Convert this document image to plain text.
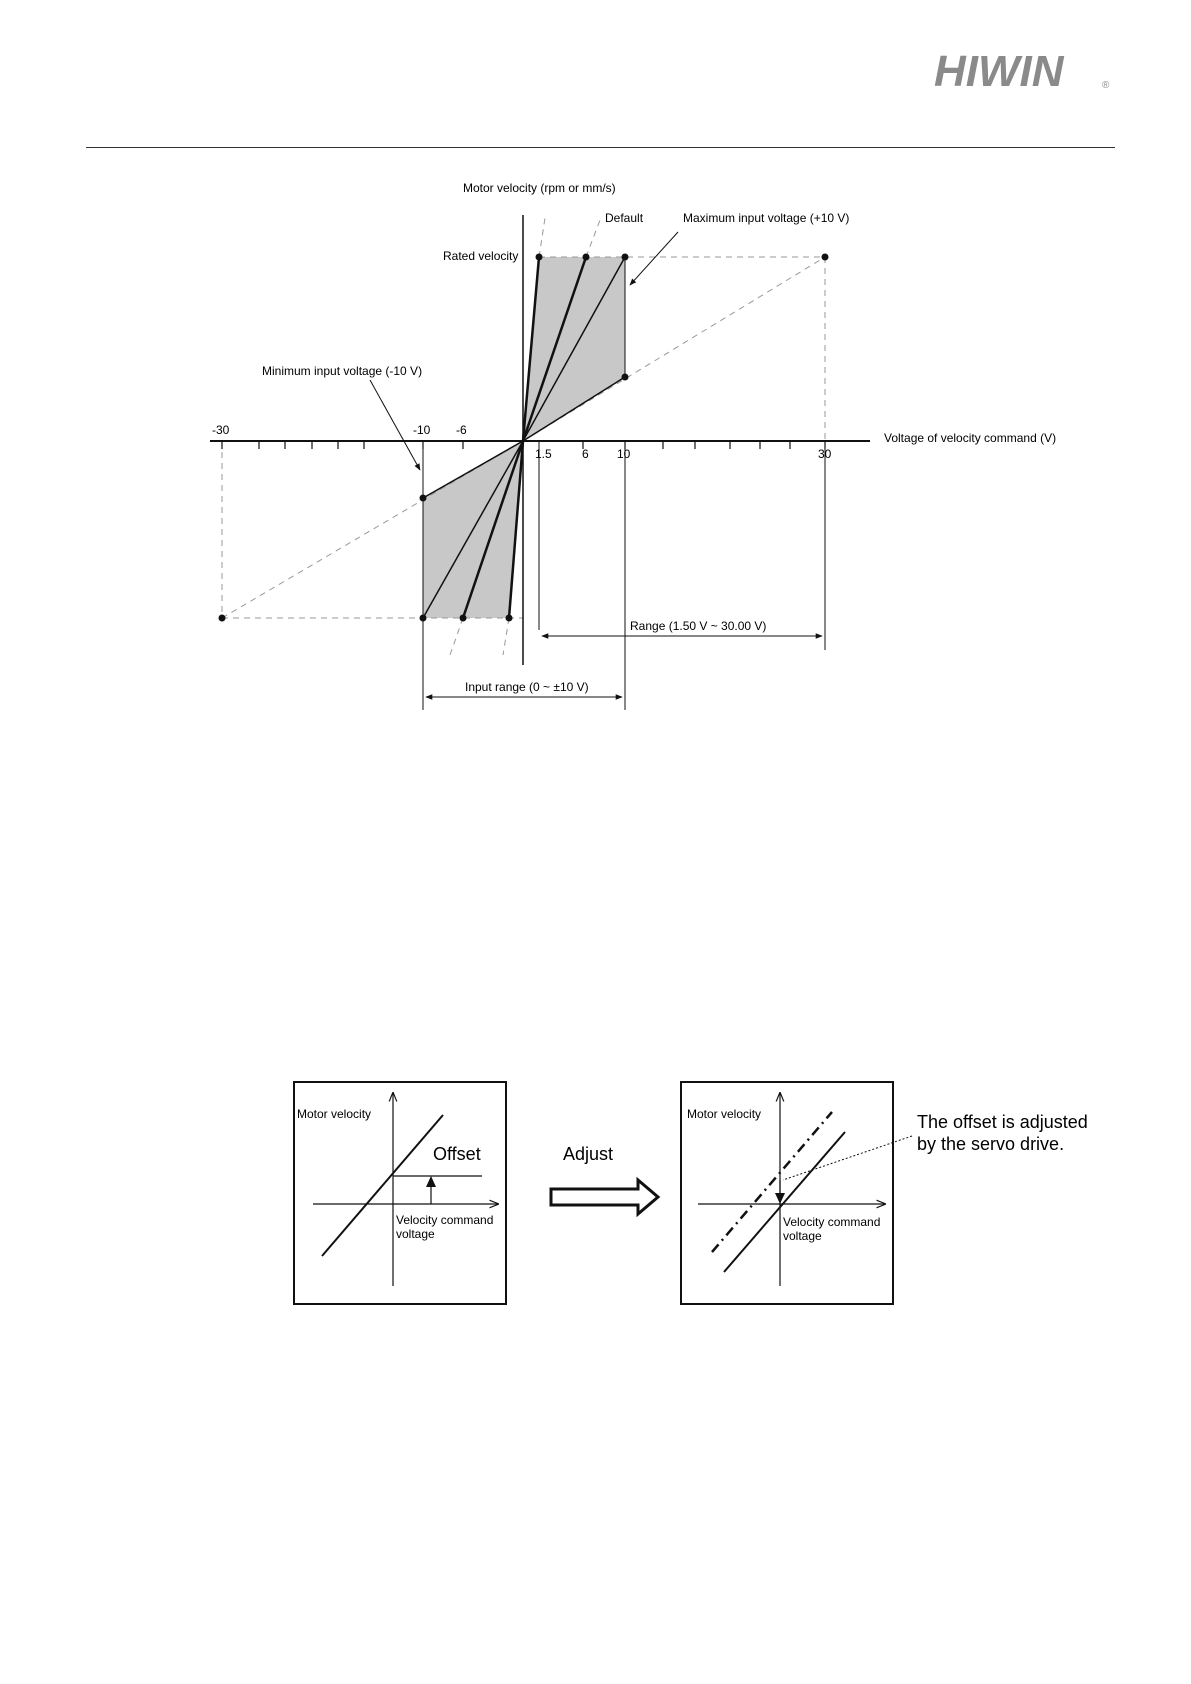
HIWIN	®
Motor velocity (rpm or mm/s)
Default	Maximum input voltage (+10 V)
Rated velocity
Minimum input voltage (-10 V)
Voltage of velocity command (V)
-30	-10 -6
1.5	6 10	30
Range (1.50 V ~ 30.00 V)
Input range (0 ~ ±10 V)
Motor velocity
Offset
Velocity command
voltage
Adjust
Motor velocity
Velocity command
voltage
The offset is adjusted
by the servo drive.
